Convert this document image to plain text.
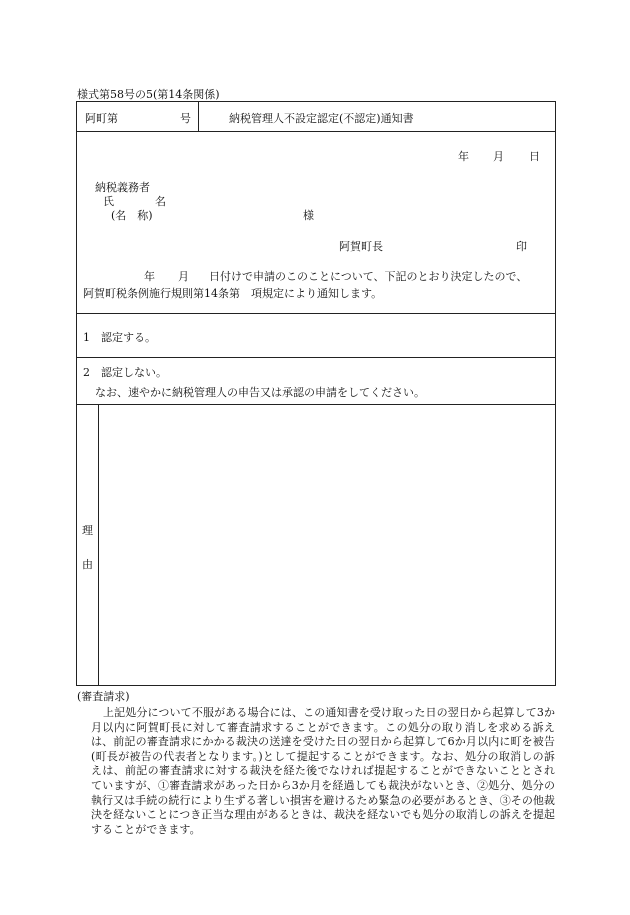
様式第58号の5(第14条関係)
阿町第	号	納税管理人不設定認定(不認定)通知書
年 月 日
納税義務者
氏	名
(名　称)	様
阿賀町長	印
年 月 日付けで申請のこのことについて、下記のとおり決定したので、
阿賀町税条例施行規則第14条第　項規定により通知します。
1　認定する。
2　認定しない。
なお、速やかに納税管理人の申告又は承認の申請をしてください。
理
由
(審査請求)
上記処分について不服がある場合には、この通知書を受け取った日の翌日から起算して3か月以内に阿賀町長に対して審査請求することができます。この処分の取り消しを求める訴えは、前記の審査請求にかかる裁決の送達を受けた日の翌日から起算して6か月以内に町を被告(町長が被告の代表者となります。)として提起することができます。なお、処分の取消しの訴えは、前記の審査請求に対する裁決を経た後でなければ提起することができないこととされていますが、①審査請求があった日から3か月を経過しても裁決がないとき、②処分、処分の執行又は手続の続行により生ずる著しい損害を避けるため緊急の必要があるとき、③その他裁決を経ないことにつき正当な理由があるときは、裁決を経ないでも処分の取消しの訴えを提起することができます。
